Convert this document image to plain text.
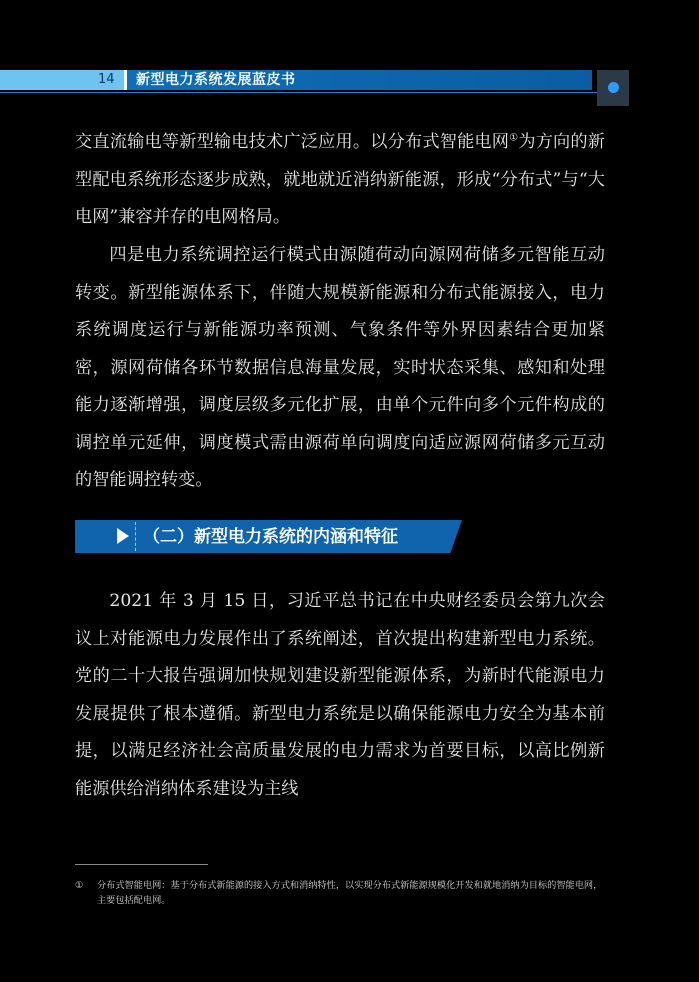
14 新型电力系统发展蓝皮书

交直流输电等新型输电技术广泛应用。以分布式智能电网①为方向的新型配电系统形态逐步成熟，就地就近消纳新能源，形成“分布式”与“大电网”兼容并存的电网格局。

四是电力系统调控运行模式由源随荷动向源网荷储多元智能互动转变。新型能源体系下，伴随大规模新能源和分布式能源接入，电力系统调度运行与新能源功率预测、气象条件等外界因素结合更加紧密，源网荷储各环节数据信息海量发展，实时状态采集、感知和处理能力逐渐增强，调度层级多元化扩展，由单个元件向多个元件构成的调控单元延伸，调度模式需由源荷单向调度向适应源网荷储多元互动的智能调控转变。

（二）新型电力系统的内涵和特征

2021 年 3 月 15 日，习近平总书记在中央财经委员会第九次会议上对能源电力发展作出了系统阐述，首次提出构建新型电力系统。党的二十大报告强调加快规划建设新型能源体系，为新时代能源电力发展提供了根本遵循。新型电力系统是以确保能源电力安全为基本前提，以满足经济社会高质量发展的电力需求为首要目标，以高比例新能源供给消纳体系建设为主线

① 分布式智能电网：基于分布式新能源的接入方式和消纳特性，以实现分布式新能源规模化开发和就地消纳为目标的智能电网，主要包括配电网。
